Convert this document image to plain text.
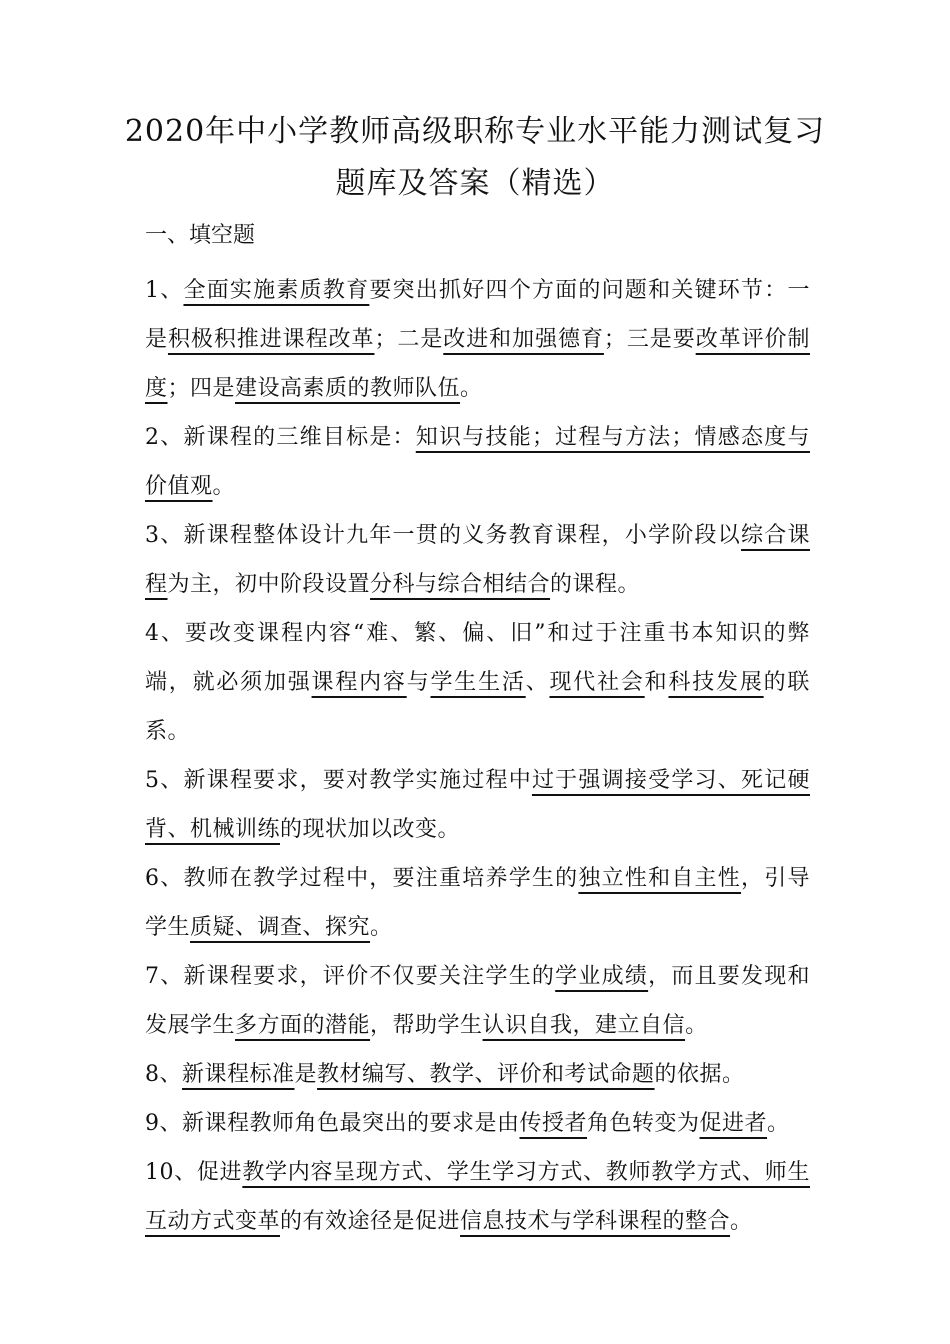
2020年中小学教师高级职称专业水平能力测试复习
题库及答案（精选）
一、填空题

1、全面实施素质教育要突出抓好四个方面的问题和关键环节：一是积极积推进课程改革；二是改进和加强德育；三是要改革评价制度；四是建设高素质的教师队伍。

2、新课程的三维目标是：知识与技能；过程与方法；情感态度与价值观。

3、新课程整体设计九年一贯的义务教育课程，小学阶段以综合课程为主，初中阶段设置分科与综合相结合的课程。

4、要改变课程内容“难、繁、偏、旧”和过于注重书本知识的弊端，就必须加强课程内容与学生生活、现代社会和科技发展的联系。

5、新课程要求，要对教学实施过程中过于强调接受学习、死记硬背、机械训练的现状加以改变。

6、教师在教学过程中，要注重培养学生的独立性和自主性，引导学生质疑、调查、探究。

7、新课程要求，评价不仅要关注学生的学业成绩，而且要发现和发展学生多方面的潜能，帮助学生认识自我，建立自信。

8、新课程标准是教材编写、教学、评价和考试命题的依据。

9、新课程教师角色最突出的要求是由传授者角色转变为促进者。

10、促进教学内容呈现方式、学生学习方式、教师教学方式、师生互动方式变革的有效途径是促进信息技术与学科课程的整合。
